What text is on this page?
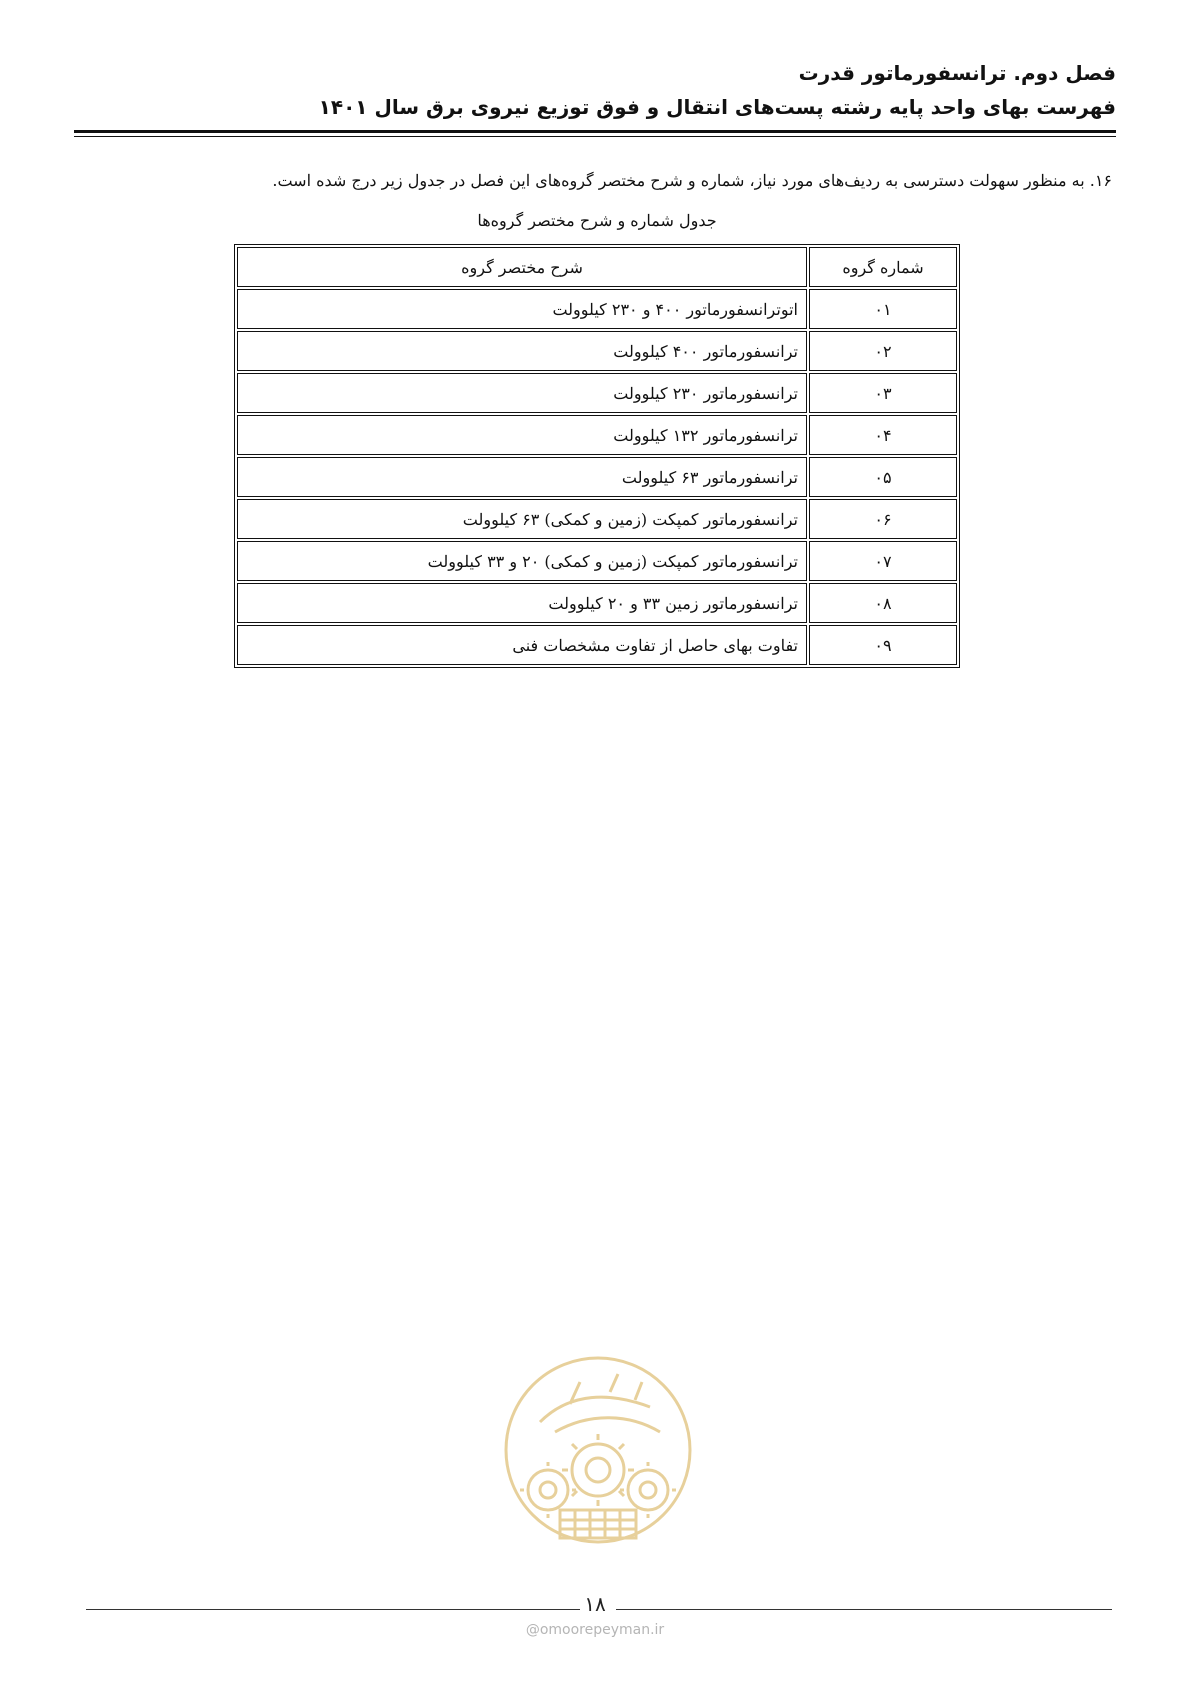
فصل دوم. ترانسفورماتور قدرت
فهرست بهای واحد پایه رشته پست‌های انتقال و فوق توزیع نیروی برق سال ۱۴۰۱
۱۶. به منظور سهولت دسترسی به ردیف‌های مورد نیاز، شماره و شرح مختصر گروه‌های این فصل در جدول زیر درج شده است.
جدول شماره و شرح مختصر گروه‌ها
شماره گروه	شرح مختصر گروه
۰۱	اتوترانسفورماتور ۴۰۰ و ۲۳۰ کیلوولت
۰۲	ترانسفورماتور ۴۰۰ کیلوولت
۰۳	ترانسفورماتور ۲۳۰ کیلوولت
۰۴	ترانسفورماتور ۱۳۲ کیلوولت
۰۵	ترانسفورماتور ۶۳ کیلوولت
۰۶	ترانسفورماتور کمپکت (زمین و کمکی) ۶۳ کیلوولت
۰۷	ترانسفورماتور کمپکت (زمین و کمکی) ۲۰ و ۳۳ کیلوولت
۰۸	ترانسفورماتور زمین ۳۳ و ۲۰ کیلوولت
۰۹	تفاوت بهای حاصل از تفاوت مشخصات فنی
۱۸
@omoorepeyman.ir
